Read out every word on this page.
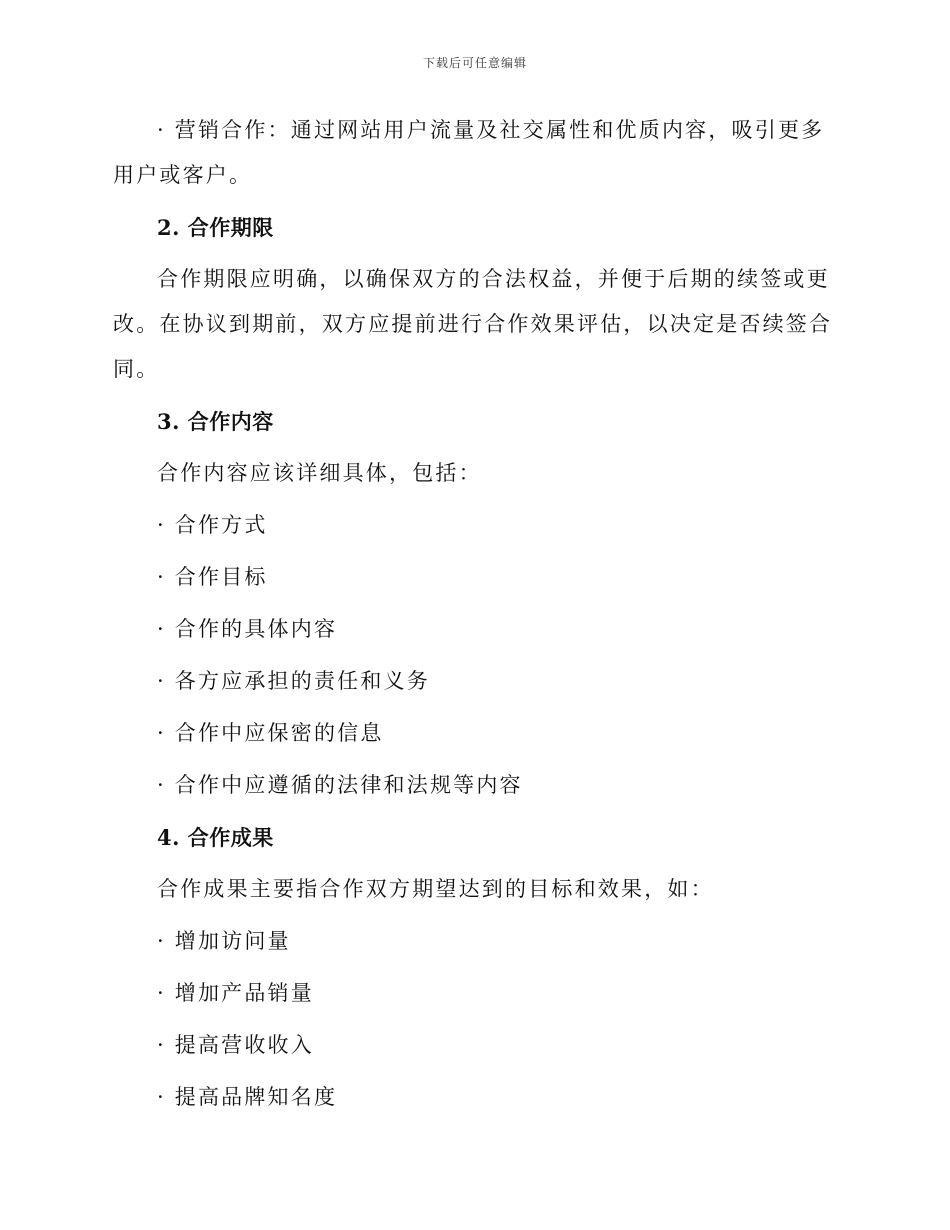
下载后可任意编辑

· 营销合作：通过网站用户流量及社交属性和优质内容，吸引更多用户或客户。

2. 合作期限

合作期限应明确，以确保双方的合法权益，并便于后期的续签或更改。在协议到期前，双方应提前进行合作效果评估，以决定是否续签合同。

3. 合作内容

合作内容应该详细具体，包括：

· 合作方式

· 合作目标

· 合作的具体内容

· 各方应承担的责任和义务

· 合作中应保密的信息

· 合作中应遵循的法律和法规等内容

4. 合作成果

合作成果主要指合作双方期望达到的目标和效果，如：

· 增加访问量

· 增加产品销量

· 提高营收收入

· 提高品牌知名度
